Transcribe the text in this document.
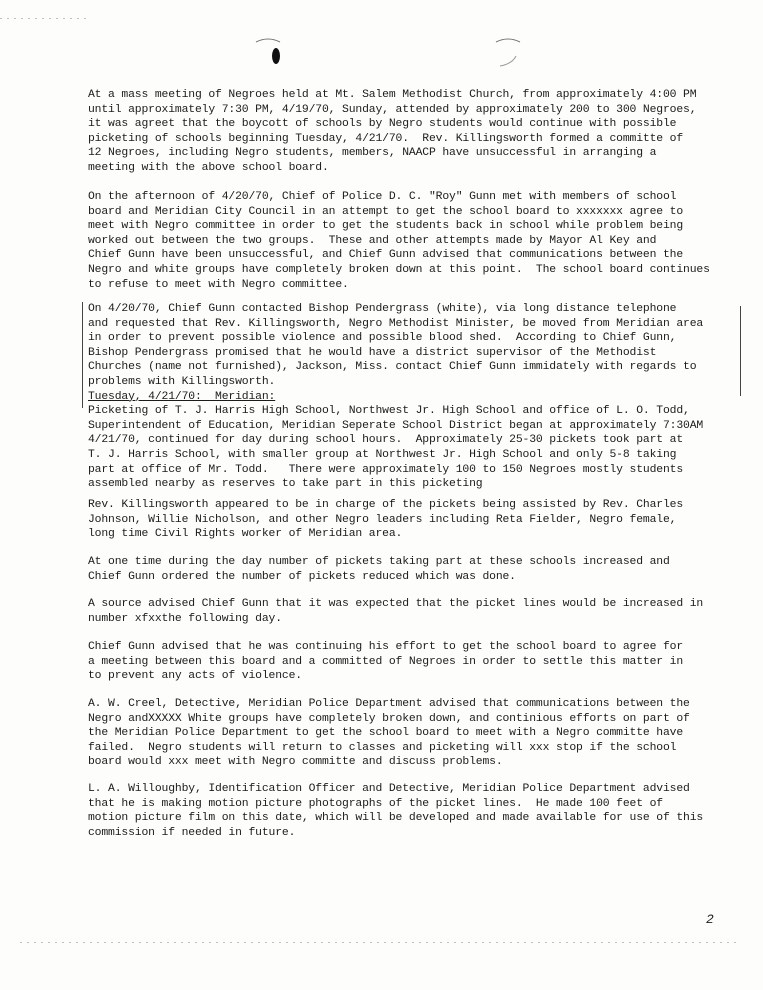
At a mass meeting of Negroes held at Mt. Salem Methodist Church, from approximately 4:00 PM
until approximately 7:30 PM, 4/19/70, Sunday, attended by approximately 200 to 300 Negroes,
it was agreet that the boycott of schools by Negro students would continue with possible
picketing of schools beginning Tuesday, 4/21/70.  Rev. Killingsworth formed a committe of
12 Negroes, including Negro students, members, NAACP have unsuccessful in arranging a
meeting with the above school board.
On the afternoon of 4/20/70, Chief of Police D. C. "Roy" Gunn met with members of school
board and Meridian City Council in an attempt to get the school board to xxxxxxx agree to
meet with Negro committee in order to get the students back in school while problem being
worked out between the two groups.  These and other attempts made by Mayor Al Key and
Chief Gunn have been unsuccessful, and Chief Gunn advised that communications between the
Negro and white groups have completely broken down at this point.  The school board continues
to refuse to meet with Negro committee.
On 4/20/70, Chief Gunn contacted Bishop Pendergrass (white), via long distance telephone
and requested that Rev. Killingsworth, Negro Methodist Minister, be moved from Meridian area
in order to prevent possible violence and possible blood shed.  According to Chief Gunn,
Bishop Pendergrass promised that he would have a district supervisor of the Methodist
Churches (name not furnished), Jackson, Miss. contact Chief Gunn immidately with regards to
problems with Killingsworth.
Tuesday, 4/21/70:  Meridian:
Picketing of T. J. Harris High School, Northwest Jr. High School and office of L. O. Todd,
Superintendent of Education, Meridian Seperate School District began at approximately 7:30AM
4/21/70, continued for day during school hours.  Approximately 25-30 pickets took part at
T. J. Harris School, with smaller group at Northwest Jr. High School and only 5-8 taking
part at office of Mr. Todd.   There were approximately 100 to 150 Negroes mostly students
assembled nearby as reserves to take part in this picketing
Rev. Killingsworth appeared to be in charge of the pickets being assisted by Rev. Charles
Johnson, Willie Nicholson, and other Negro leaders including Reta Fielder, Negro female,
long time Civil Rights worker of Meridian area.
At one time during the day number of pickets taking part at these schools increased and
Chief Gunn ordered the number of pickets reduced which was done.
A source advised Chief Gunn that it was expected that the picket lines would be increased in
number xfxxthe following day.
Chief Gunn advised that he was continuing his effort to get the school board to agree for
a meeting between this board and a committed of Negroes in order to settle this matter in
to prevent any acts of violence.
A. W. Creel, Detective, Meridian Police Department advised that communications between the
Negro andXXXXX White groups have completely broken down, and continious efforts on part of
the Meridian Police Department to get the school board to meet with a Negro committe have
failed.  Negro students will return to classes and picketing will xxx stop if the school
board would xxx meet with Negro committe and discuss problems.
L. A. Willoughby, Identification Officer and Detective, Meridian Police Department advised
that he is making motion picture photographs of the picket lines.  He made 100 feet of
motion picture film on this date, which will be developed and made available for use of this
commission if needed in future.
2
